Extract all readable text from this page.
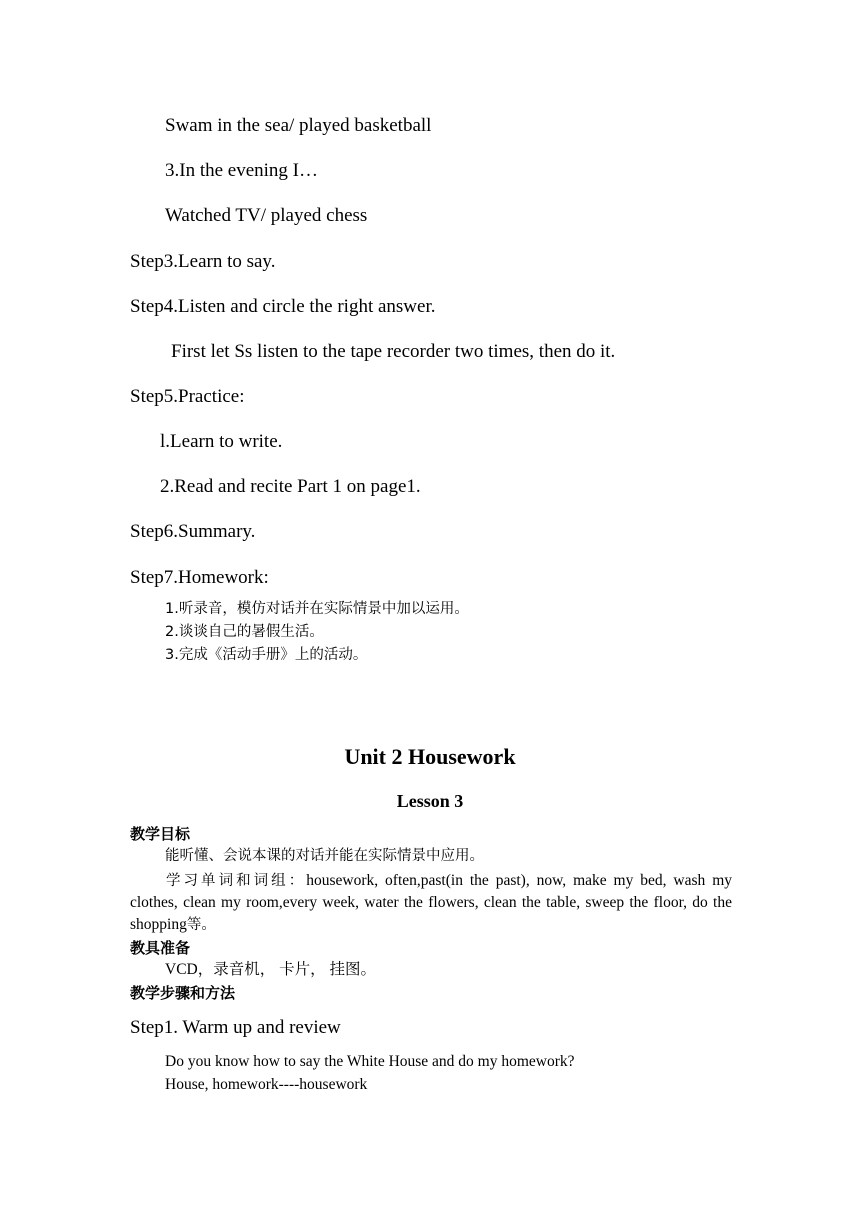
Swam in the sea/ played basketball
3.In the evening I…
Watched TV/ played chess
Step3.Learn to say.
Step4.Listen and circle the right answer.
First let Ss listen to the tape recorder two times, then do it.
Step5.Practice:
l.Learn to write.
2.Read and recite Part 1 on page1.
Step6.Summary.
Step7.Homework:
1.听录音，模仿对话并在实际情景中加以运用。
2.谈谈自己的暑假生活。
3.完成《活动手册》上的活动。
Unit 2 Housework
Lesson 3
教学目标
能听懂、会说本课的对话并能在实际情景中应用。
学习单词和词组：housework, often,past(in the past), now, make my bed, wash my clothes, clean my room,every week, water the flowers, clean the table, sweep the floor, do the shopping等。
教具准备
VCD，录音机， 卡片， 挂图。
教学步骤和方法
Step1. Warm up and review
Do you know how to say the White House and do my homework?
House, homework----housework
